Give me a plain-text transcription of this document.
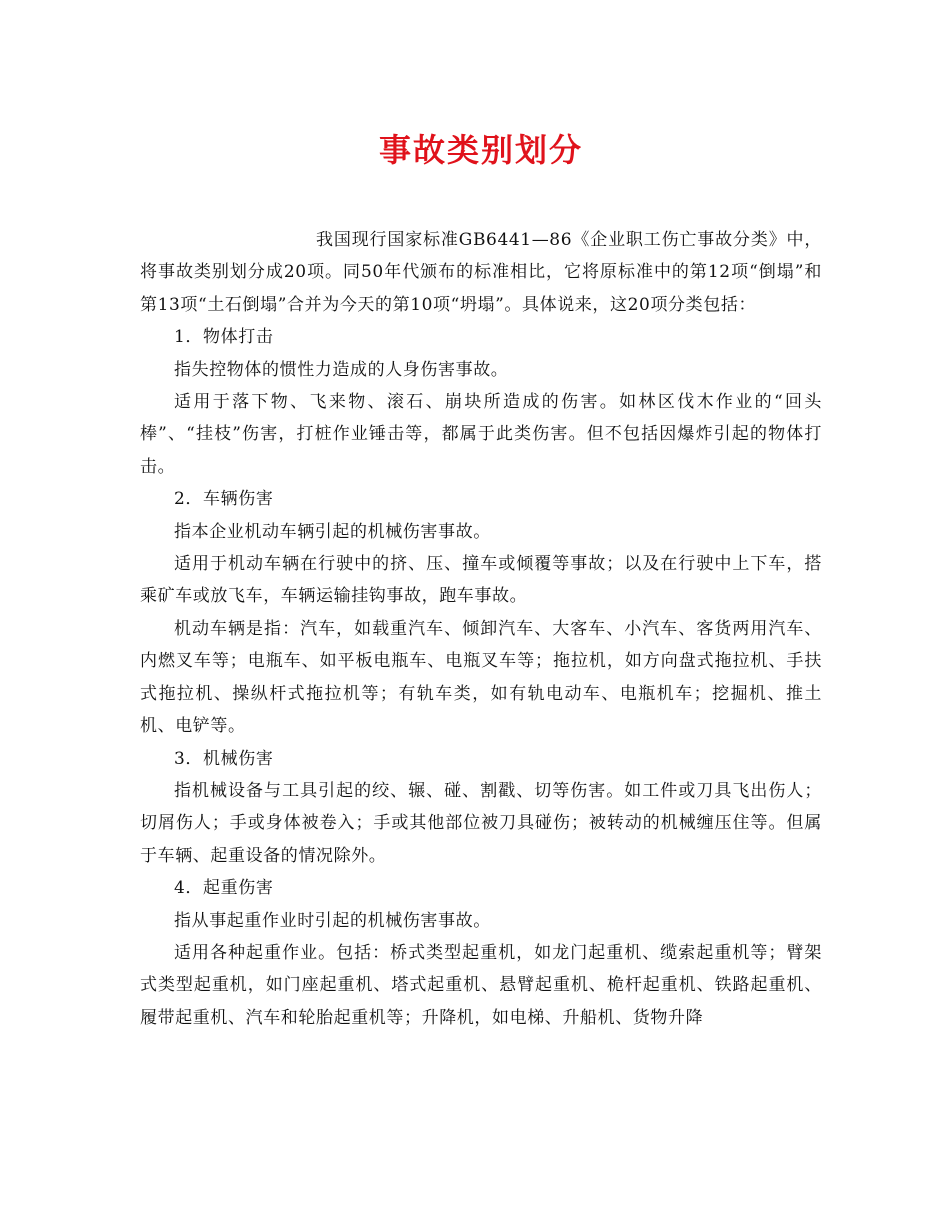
事故类别划分

我国现行国家标准GB6441—86《企业职工伤亡事故分类》中，将事故类别划分成20项。同50年代颁布的标准相比，它将原标准中的第12项“倒塌”和第13项“土石倒塌”合并为今天的第10项“坍塌”。具体说来，这20项分类包括：

1．物体打击

指失控物体的惯性力造成的人身伤害事故。

适用于落下物、飞来物、滚石、崩块所造成的伤害。如林区伐木作业的“回头棒”、“挂枝”伤害，打桩作业锤击等，都属于此类伤害。但不包括因爆炸引起的物体打击。

2．车辆伤害

指本企业机动车辆引起的机械伤害事故。

适用于机动车辆在行驶中的挤、压、撞车或倾覆等事故；以及在行驶中上下车，搭乘矿车或放飞车，车辆运输挂钩事故，跑车事故。

机动车辆是指：汽车，如载重汽车、倾卸汽车、大客车、小汽车、客货两用汽车、内燃叉车等；电瓶车、如平板电瓶车、电瓶叉车等；拖拉机，如方向盘式拖拉机、手扶式拖拉机、操纵杆式拖拉机等；有轨车类，如有轨电动车、电瓶机车；挖掘机、推土机、电铲等。

3．机械伤害

指机械设备与工具引起的绞、辗、碰、割戳、切等伤害。如工件或刀具飞出伤人；切屑伤人；手或身体被卷入；手或其他部位被刀具碰伤；被转动的机械缠压住等。但属于车辆、起重设备的情况除外。

4．起重伤害

指从事起重作业时引起的机械伤害事故。

适用各种起重作业。包括：桥式类型起重机，如龙门起重机、缆索起重机等；臂架式类型起重机，如门座起重机、塔式起重机、悬臂起重机、桅杆起重机、铁路起重机、履带起重机、汽车和轮胎起重机等；升降机，如电梯、升船机、货物升降
